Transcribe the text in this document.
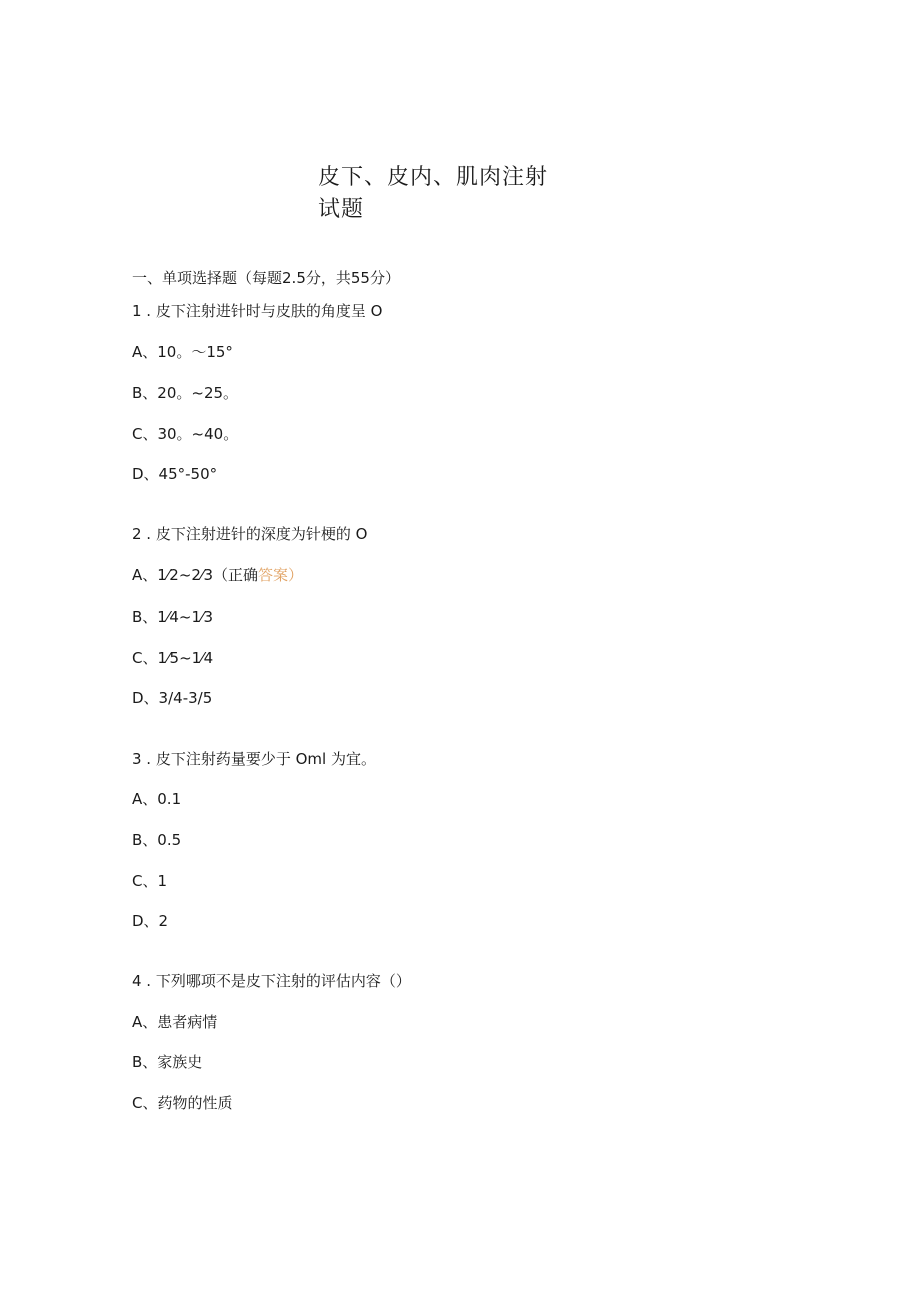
皮下、皮内、肌肉注射
试题
一、单项选择题（每题2.5分，共55分）
1 . 皮下注射进针时与皮肤的角度呈 O
A、10。～15°
B、20。~25。
C、30。~40。
D、45°-50°
2 . 皮下注射进针的深度为针梗的 O
A、1⁄2~2⁄3（正确答案）
B、1⁄4~1⁄3
C、1⁄5~1⁄4
D、3/4-3/5
3 . 皮下注射药量要少于 Oml 为宜。
A、0.1
B、0.5
C、1
D、2
4 . 下列哪项不是皮下注射的评估内容（）
A、患者病情
B、家族史
C、药物的性质
